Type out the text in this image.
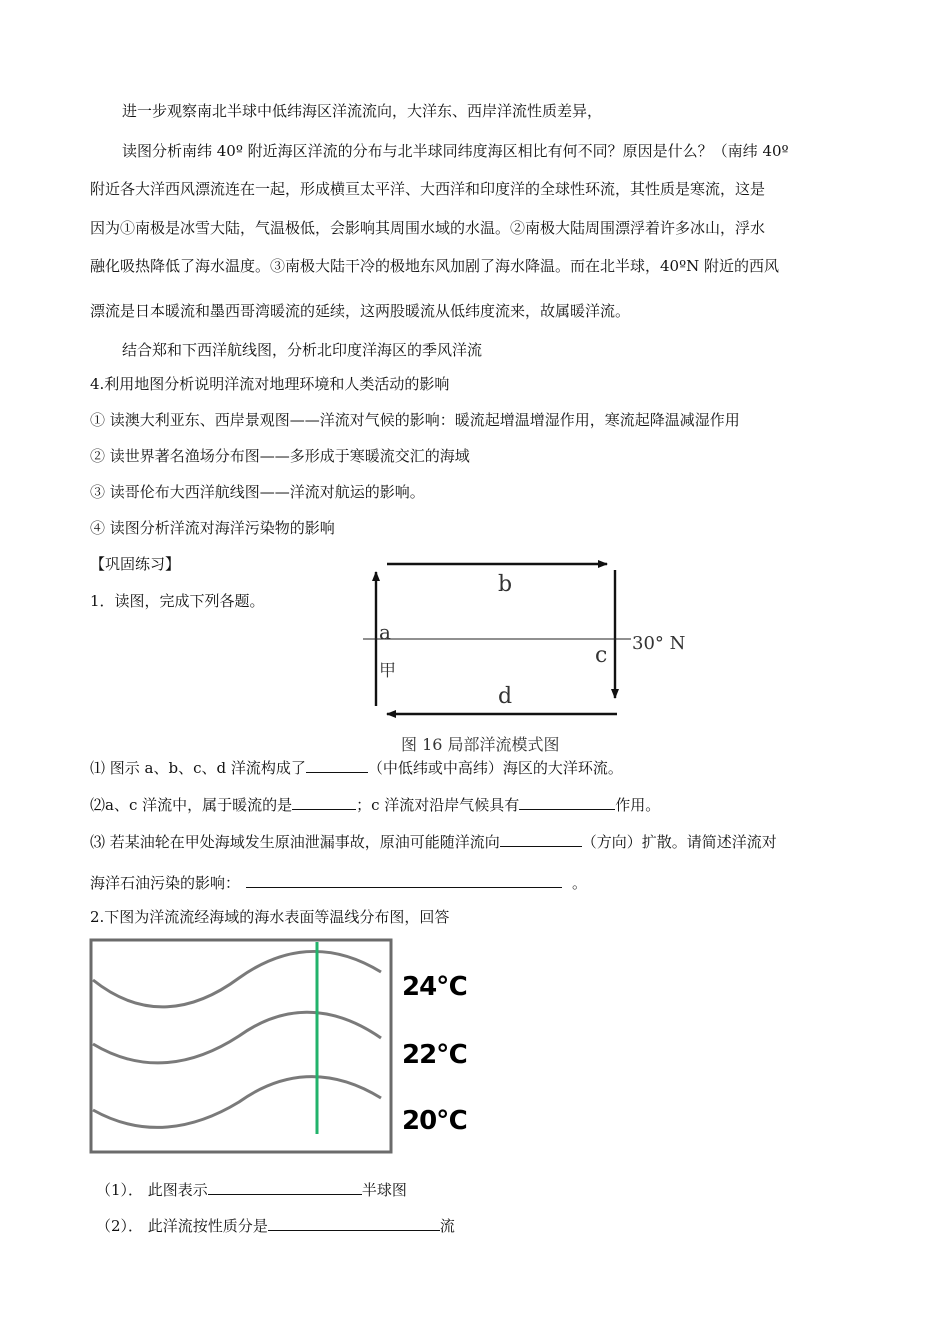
进一步观察南北半球中低纬海区洋流流向，大洋东、西岸洋流性质差异，
读图分析南纬 40º 附近海区洋流的分布与北半球同纬度海区相比有何不同？原因是什么？（南纬 40º
附近各大洋西风漂流连在一起，形成横亘太平洋、大西洋和印度洋的全球性环流，其性质是寒流，这是
因为①南极是冰雪大陆，气温极低，会影响其周围水域的水温。②南极大陆周围漂浮着许多冰山，浮水
融化吸热降低了海水温度。③南极大陆干冷的极地东风加剧了海水降温。而在北半球，40ºN 附近的西风
漂流是日本暖流和墨西哥湾暖流的延续，这两股暖流从低纬度流来，故属暖洋流。
结合郑和下西洋航线图，分析北印度洋海区的季风洋流
4.利用地图分析说明洋流对地理环境和人类活动的影响
① 读澳大利亚东、西岸景观图——洋流对气候的影响：暖流起增温增湿作用，寒流起降温减湿作用
② 读世界著名渔场分布图——多形成于寒暖流交汇的海域
③ 读哥伦布大西洋航线图——洋流对航运的影响。
④ 读图分析洋流对海洋污染物的影响
【巩固练习】
1．读图，完成下列各题。
a
b
c
d
甲
30° N
图 16 局部洋流模式图
⑴ 图示 a、b、c、d 洋流构成了	（中低纬或中高纬）海区的大洋环流。
⑵a、c 洋流中，属于暖流的是	；c 洋流对沿岸气候具有	作用。
⑶ 若某油轮在甲处海域发生原油泄漏事故，原油可能随洋流向	（方向）扩散。请简述洋流对
海洋石油污染的影响：	。
2.下图为洋流流经海域的海水表面等温线分布图，回答
24℃
22℃
20℃
（1）． 此图表示	半球图
（2）． 此洋流按性质分是	流
